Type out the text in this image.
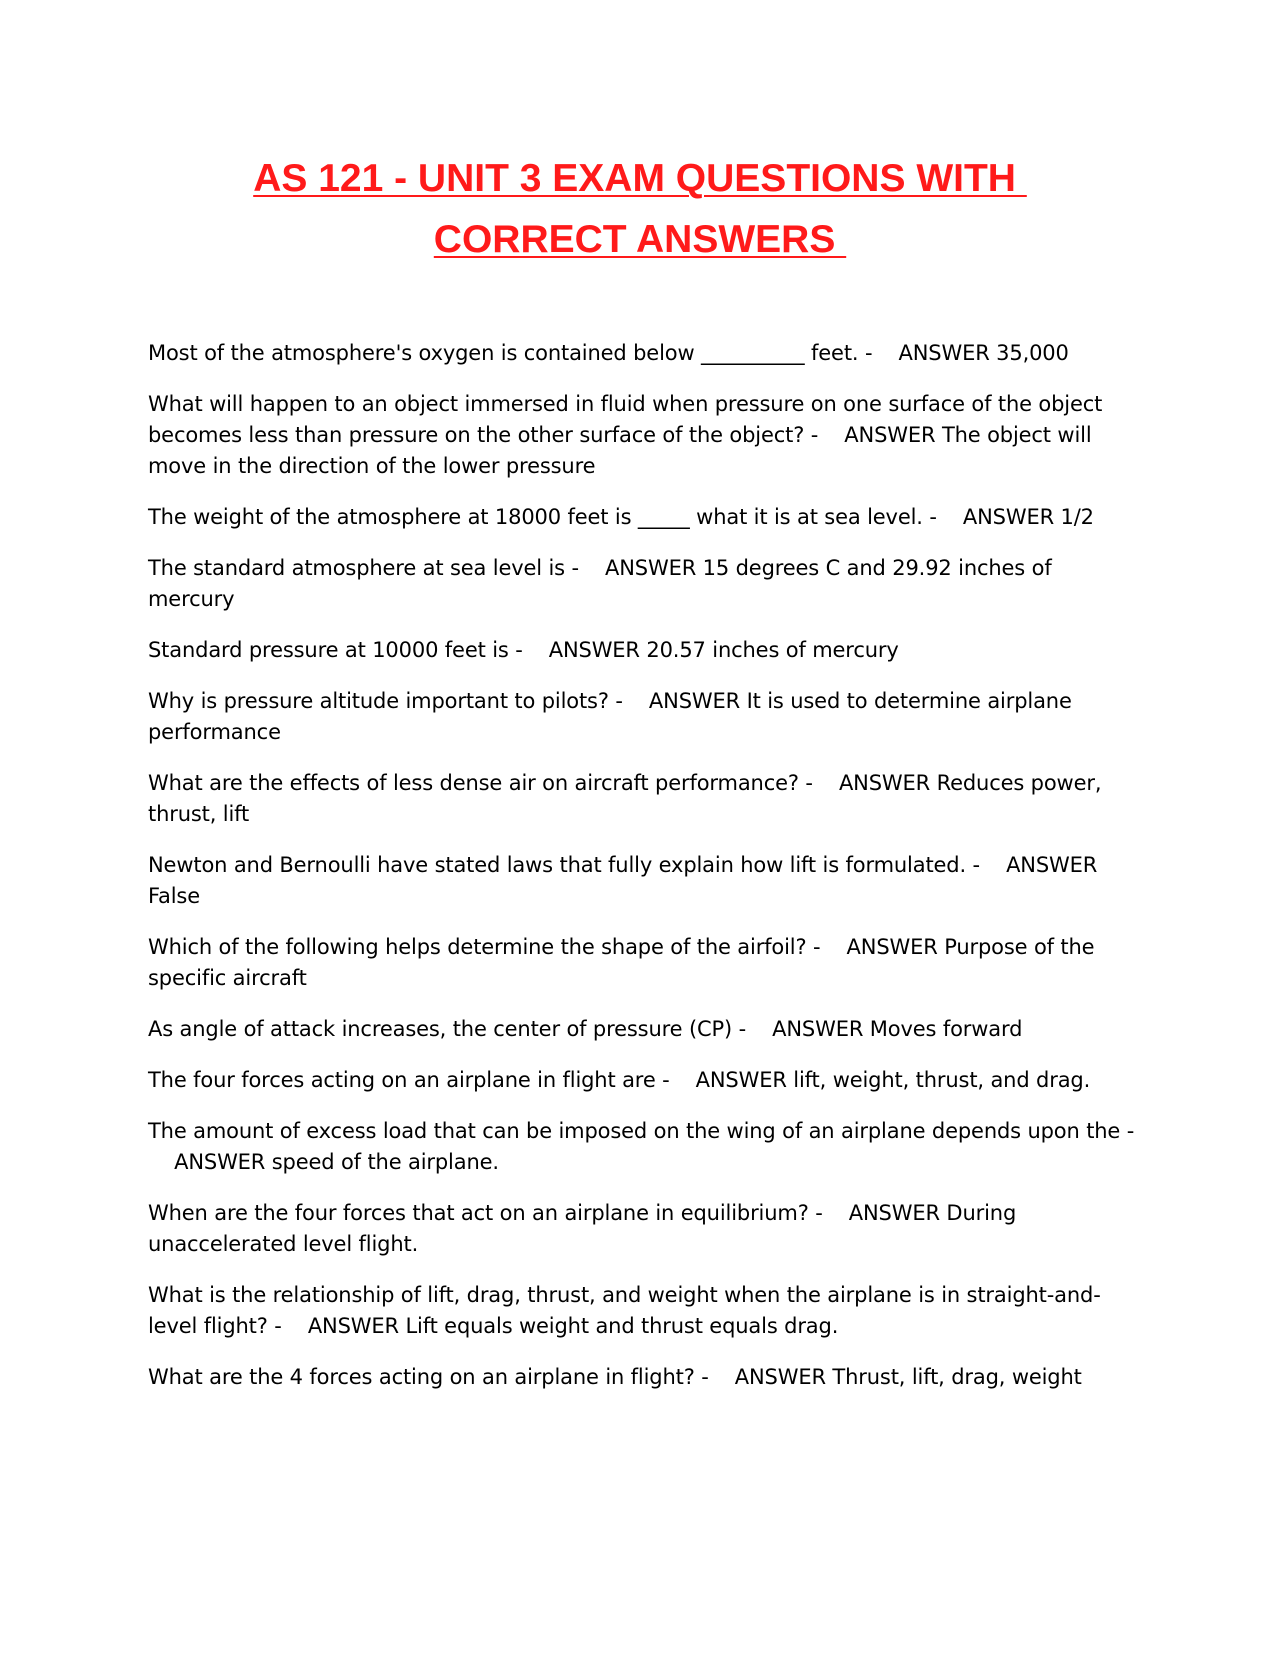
AS 121 - UNIT 3 EXAM QUESTIONS WITH
CORRECT ANSWERS

Most of the atmosphere's oxygen is contained below __________ feet. - ANSWER 35,000

What will happen to an object immersed in fluid when pressure on one surface of the object becomes less than pressure on the other surface of the object? - ANSWER The object will move in the direction of the lower pressure

The weight of the atmosphere at 18000 feet is _____ what it is at sea level. - ANSWER 1/2

The standard atmosphere at sea level is - ANSWER 15 degrees C and 29.92 inches of mercury

Standard pressure at 10000 feet is - ANSWER 20.57 inches of mercury

Why is pressure altitude important to pilots? - ANSWER It is used to determine airplane performance

What are the effects of less dense air on aircraft performance? - ANSWER Reduces power, thrust, lift

Newton and Bernoulli have stated laws that fully explain how lift is formulated. - ANSWER False

Which of the following helps determine the shape of the airfoil? - ANSWER Purpose of the specific aircraft

As angle of attack increases, the center of pressure (CP) - ANSWER Moves forward

The four forces acting on an airplane in flight are - ANSWER lift, weight, thrust, and drag.

The amount of excess load that can be imposed on the wing of an airplane depends upon the -    ANSWER speed of the airplane.

When are the four forces that act on an airplane in equilibrium? - ANSWER During unaccelerated level flight.

What is the relationship of lift, drag, thrust, and weight when the airplane is in straight-and-level flight? - ANSWER Lift equals weight and thrust equals drag.

What are the 4 forces acting on an airplane in flight? - ANSWER Thrust, lift, drag, weight
